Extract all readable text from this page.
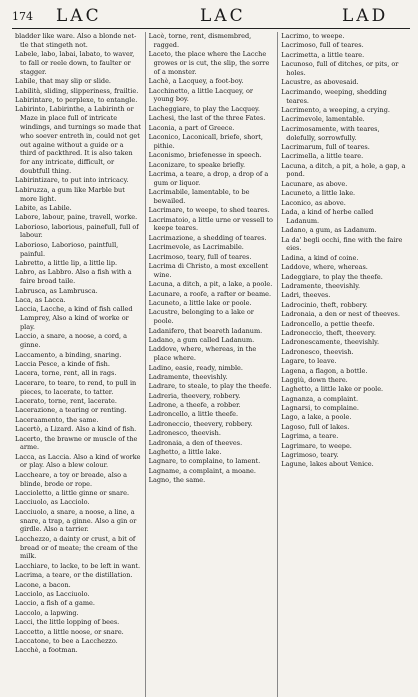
174 LAC	LAC	LAD

bladder like ware. Also a blonde net-tle that stingeth not.

Labele, labo, labai, labato, to waver, to fall or reele down, to faulter or stagger.

Labile, that may slip or slide.

Labilità, sliding, slipperiness, frailtie.

Labirintare, to perplexe, to entangle.

Labirinto, Labirinthe, a Labirinth or Maze in place full of intricate windings, and turnings so made that who soever entreth in, could not get out againe without a guide or a third of packthred. It is also taken for any intricate, difficult, or doubtfull thing.

Labirintizare, to put into intricacy.

Labiruzza, a gum like Marble but more light.

Labite, as Labile.

Labore, labour, paine, travell, worke.

Laborioso, laborious, painefull, full of labour.

Laborioso, Laborioso, paintfull, painful.

Labretto, a little lip, a little lip.

Labro, as Labbro. Also a fish with a faire broad taile.

Labrusca, as Lambrusca.

Laca, as Lacca.

Laccia, Lacche, a kind of fish called Lamprey, Also a kind of worke or play.

Laccio, a snare, a noose, a cord, a ginne.

Laccamento, a binding, snaring.

Laccia Pesce, a kinde of fish.

Lacera, torne, rent, all in rags.

Lacerare, to teare, to rend, to pull in pieces, to lacerate, to tatter.

Lacerato, torne, rent, lacerate.

Lacerazione, a tearing or renting.

Laceraamento, the same.

Lacertò, a Lizard. Also a kind of fish.

Lacerto, the brawne or muscle of the arme.

Lacca, as Laccia. Also a kind of worke or play. Also a blew colour.

Laccheare, a toy or breade, also a blinde, brode or rope.

Laccioletto, a little ginne or snare.

Lacciuolo, as Lacciolo.

Lacciuolo, a snare, a noose, a line, a snare, a trap, a ginne. Also a gin or girdle. Also a tarrier.

Lacchezzo, a dainty or crust, a bit of bread or of meate; the cream of the milk.

Lacchiare, to lacke, to be left in want.

Lacrima, a teare, or the distillation.

Lacone, a bacon.

Lacciolo, as Lacciuolo.

Laccio, a fish of a game.

Laccolo, a lapwing.

Lacci, the little lopping of bees.

Laccetto, a little noose, or snare.

Laccatone, to bee a Lacchezzo.

Lacchè, a footman.

Lacè, torne, rent, dismembred, ragged.

Laceto, the place where the Lacche growes or is cut, the slip, the sorre of a monster.

Lachè, a Lacquey, a foot-boy.

Lacchinetto, a little Lacquey, or young boy.

Lacheggiare, to play the Lacquey.

Lachesi, the last of the three Fates.

Laconia, a part of Greece.

Laconico, Laconicall, briefe, short, pithie.

Laconismo, briefenesse in speech.

Laconizare, to speake briefly.

Lacrima, a teare, a drop, a drop of a gum or liquor.

Lacrimabile, lamentable, to be bewailed.

Lacrimare, to weepe, to shed teares.

Lacrimatoio, a little urne or vessell to keepe teares.

Lacrimazione, a shedding of teares.

Lacrimevole, as Lacrimabile.

Lacrimoso, teary, full of teares.

Lacrima di Christo, a most excellent wine.

Lacuna, a ditch, a pit, a lake, a poole.

Lacunare, a roofe, a rafter or beame.

Lacuneto, a little lake or poole.

Lacustre, belonging to a lake or poole.

Ladanifero, that beareth ladanum.

Ladano, a gum called Ladanum.

Laddove, where, whereas, in the place where.

Ladino, easie, ready, nimble.

Ladramente, theevishly.

Ladrare, to steale, to play the theefe.

Ladreria, theevery, robbery.

Ladrone, a theefe, a robber.

Ladroncello, a little theefe.

Ladroneccio, theevery, robbery.

Ladronesco, theevish.

Ladronaia, a den of theeves.

Laghetto, a little lake.

Lagnare, to complaine, to lament.

Lagname, a complaint, a moane.

Lagno, the same.

Lacrimo, to weepe.

Lacrimoso, full of teares.

Lacrimetta, a little teare.

Lacunoso, full of ditches, or pits, or holes.

Lacustre, as abovesaid.

Lacrimando, weeping, shedding teares.

Lacrimento, a weeping, a crying.

Lacrimevole, lamentable.

Lacrimosamente, with teares, dolefully, sorrowfully.

Lacrimarum, full of teares.

Lacrimella, a little teare.

Lacuna, a ditch, a pit, a hole, a gap, a pond.

Lacunare, as above.

Lacuneto, a little lake.

Laconico, as above.

Lada, a kind of herbe called Ladanum.

Ladano, a gum, as Ladanum.

La da' begli occhi, fine with the faire eies.

Ladina, a kind of coine.

Laddove, where, whereas.

Ladeggiare, to play the theefe.

Ladramente, theevishly.

Ladri, theeves.

Ladrocinio, theft, robbery.

Ladronaia, a den or nest of theeves.

Ladroncello, a pettie theefe.

Ladroneccio, theft, theevery.

Ladronescamente, theevishly.

Ladronesco, theevish.

Lagare, to leave.

Lagena, a flagon, a bottle.

Laggiù, down there.

Laghetto, a little lake or poole.

Lagnanza, a complaint.

Lagnarsi, to complaine.

Lago, a lake, a poole.

Lagoso, full of lakes.

Lagrima, a teare.

Lagrimare, to weepe.

Lagrimoso, teary.

Lagune, lakes about Venice.
